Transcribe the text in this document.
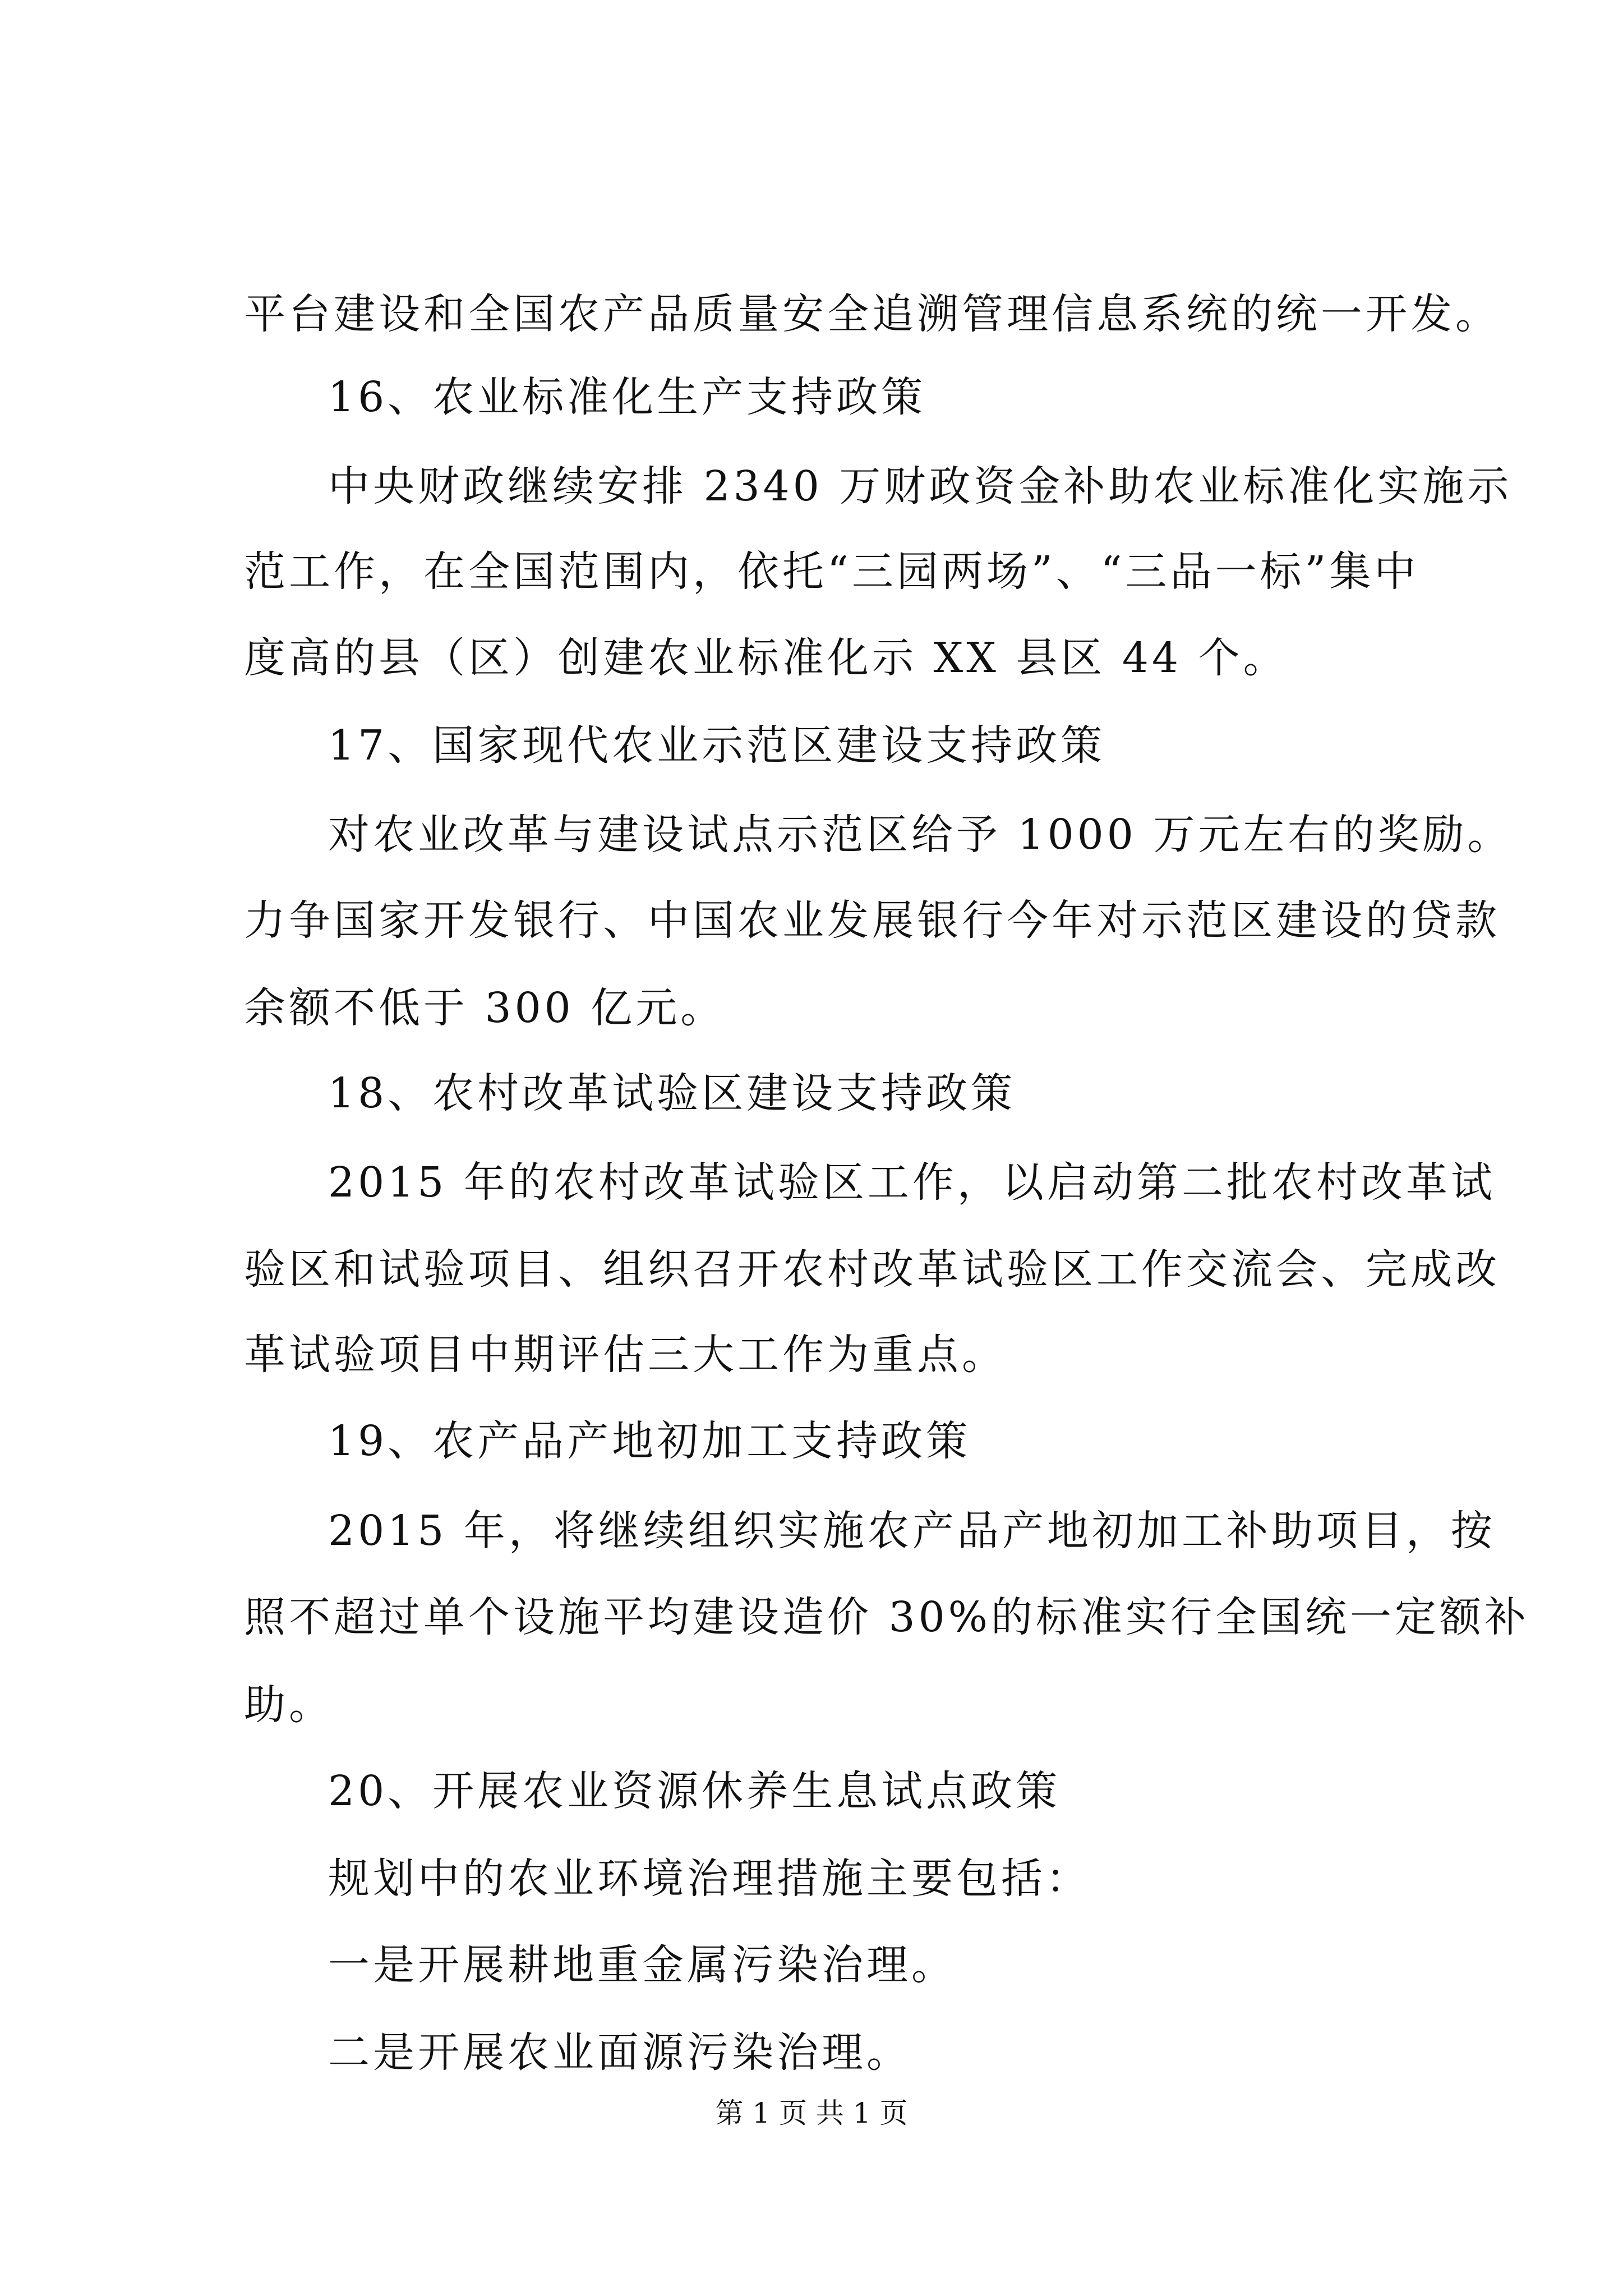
平台建设和全国农产品质量安全追溯管理信息系统的统一开发。
16、农业标准化生产支持政策
中央财政继续安排 2340 万财政资金补助农业标准化实施示
范工作，在全国范围内，依托“三园两场”、“三品一标”集中
度高的县（区）创建农业标准化示 XX 县区 44 个。
17、国家现代农业示范区建设支持政策
对农业改革与建设试点示范区给予 1000 万元左右的奖励。
力争国家开发银行、中国农业发展银行今年对示范区建设的贷款
余额不低于 300 亿元。
18、农村改革试验区建设支持政策
2015 年的农村改革试验区工作，以启动第二批农村改革试
验区和试验项目、组织召开农村改革试验区工作交流会、完成改
革试验项目中期评估三大工作为重点。
19、农产品产地初加工支持政策
2015 年，将继续组织实施农产品产地初加工补助项目，按
照不超过单个设施平均建设造价 30%的标准实行全国统一定额补
助。
20、开展农业资源休养生息试点政策
规划中的农业环境治理措施主要包括：
一是开展耕地重金属污染治理。
二是开展农业面源污染治理。
第 1 页 共 1 页
